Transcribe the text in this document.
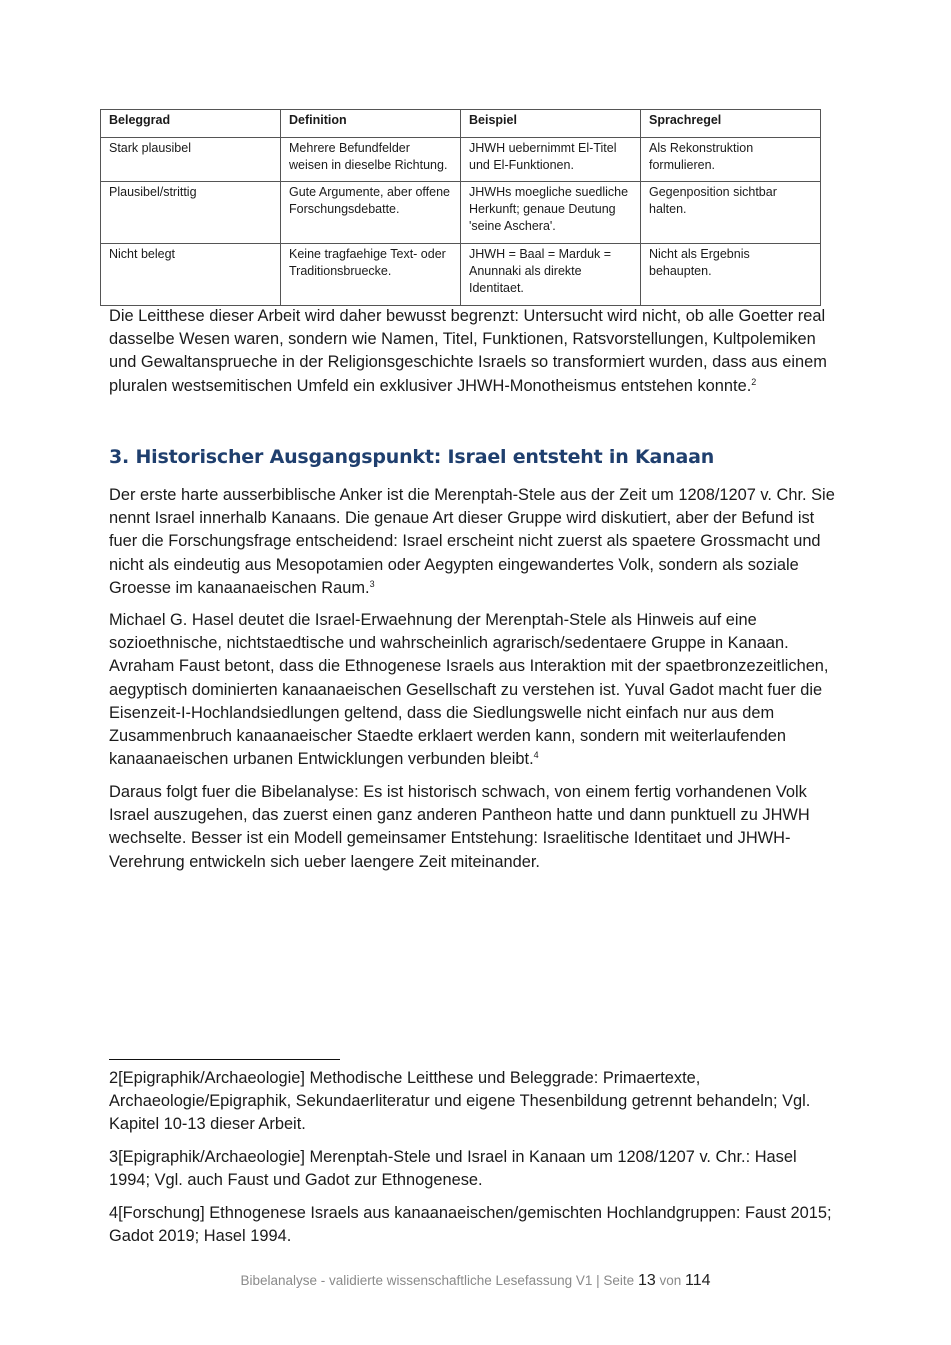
Beleggrad	Definition	Beispiel	Sprachregel
Stark plausibel	Mehrere Befundfelder weisen in dieselbe Richtung.	JHWH uebernimmt El-Titel und El-Funktionen.	Als Rekonstruktion formulieren.
Plausibel/strittig	Gute Argumente, aber offene Forschungsdebatte.	JHWHs moegliche suedliche Herkunft; genaue Deutung 'seine Aschera'.	Gegenposition sichtbar halten.
Nicht belegt	Keine tragfaehige Text- oder Traditionsbruecke.	JHWH = Baal = Marduk = Anunnaki als direkte Identitaet.	Nicht als Ergebnis behaupten.

Die Leitthese dieser Arbeit wird daher bewusst begrenzt: Untersucht wird nicht, ob alle Goetter real dasselbe Wesen waren, sondern wie Namen, Titel, Funktionen, Ratsvorstellungen, Kultpolemiken und Gewaltansprueche in der Religionsgeschichte Israels so transformiert wurden, dass aus einem pluralen westsemitischen Umfeld ein exklusiver JHWH-Monotheismus entstehen konnte.$^2$

3. Historischer Ausgangspunkt: Israel entsteht in Kanaan

Der erste harte ausserbiblische Anker ist die Merenptah-Stele aus der Zeit um 1208/1207 v. Chr. Sie nennt Israel innerhalb Kanaans. Die genaue Art dieser Gruppe wird diskutiert, aber der Befund ist fuer die Forschungsfrage entscheidend: Israel erscheint nicht zuerst als spaetere Grossmacht und nicht als eindeutig aus Mesopotamien oder Aegypten eingewandertes Volk, sondern als soziale Groesse im kanaanaeischen Raum.$^3$

Michael G. Hasel deutet die Israel-Erwaehnung der Merenptah-Stele als Hinweis auf eine sozioethnische, nichtstaedtische und wahrscheinlich agrarisch/sedentaere Gruppe in Kanaan. Avraham Faust betont, dass die Ethnogenese Israels aus Interaktion mit der spaetbronzezeitlichen, aegyptisch dominierten kanaanaeischen Gesellschaft zu verstehen ist. Yuval Gadot macht fuer die Eisenzeit-I-Hochlandsiedlungen geltend, dass die Siedlungswelle nicht einfach nur aus dem Zusammenbruch kanaanaeischer Staedte erklaert werden kann, sondern mit weiterlaufenden kanaanaeischen urbanen Entwicklungen verbunden bleibt.$^4$

Daraus folgt fuer die Bibelanalyse: Es ist historisch schwach, von einem fertig vorhandenen Volk Israel auszugehen, das zuerst einen ganz anderen Pantheon hatte und dann punktuell zu JHWH wechselte. Besser ist ein Modell gemeinsamer Entstehung: Israelitische Identitaet und JHWH-Verehrung entwickeln sich ueber laengere Zeit miteinander.

2[Epigraphik/Archaeologie] Methodische Leitthese und Beleggrade: Primaertexte, Archaeologie/Epigraphik, Sekundaerliteratur und eigene Thesenbildung getrennt behandeln; Vgl. Kapitel 10-13 dieser Arbeit.

3[Epigraphik/Archaeologie] Merenptah-Stele und Israel in Kanaan um 1208/1207 v. Chr.: Hasel 1994; Vgl. auch Faust und Gadot zur Ethnogenese.

4[Forschung] Ethnogenese Israels aus kanaanaeischen/gemischten Hochlandgruppen: Faust 2015; Gadot 2019; Hasel 1994.

Bibelanalyse - validierte wissenschaftliche Lesefassung V1 | Seite 13 von 114
